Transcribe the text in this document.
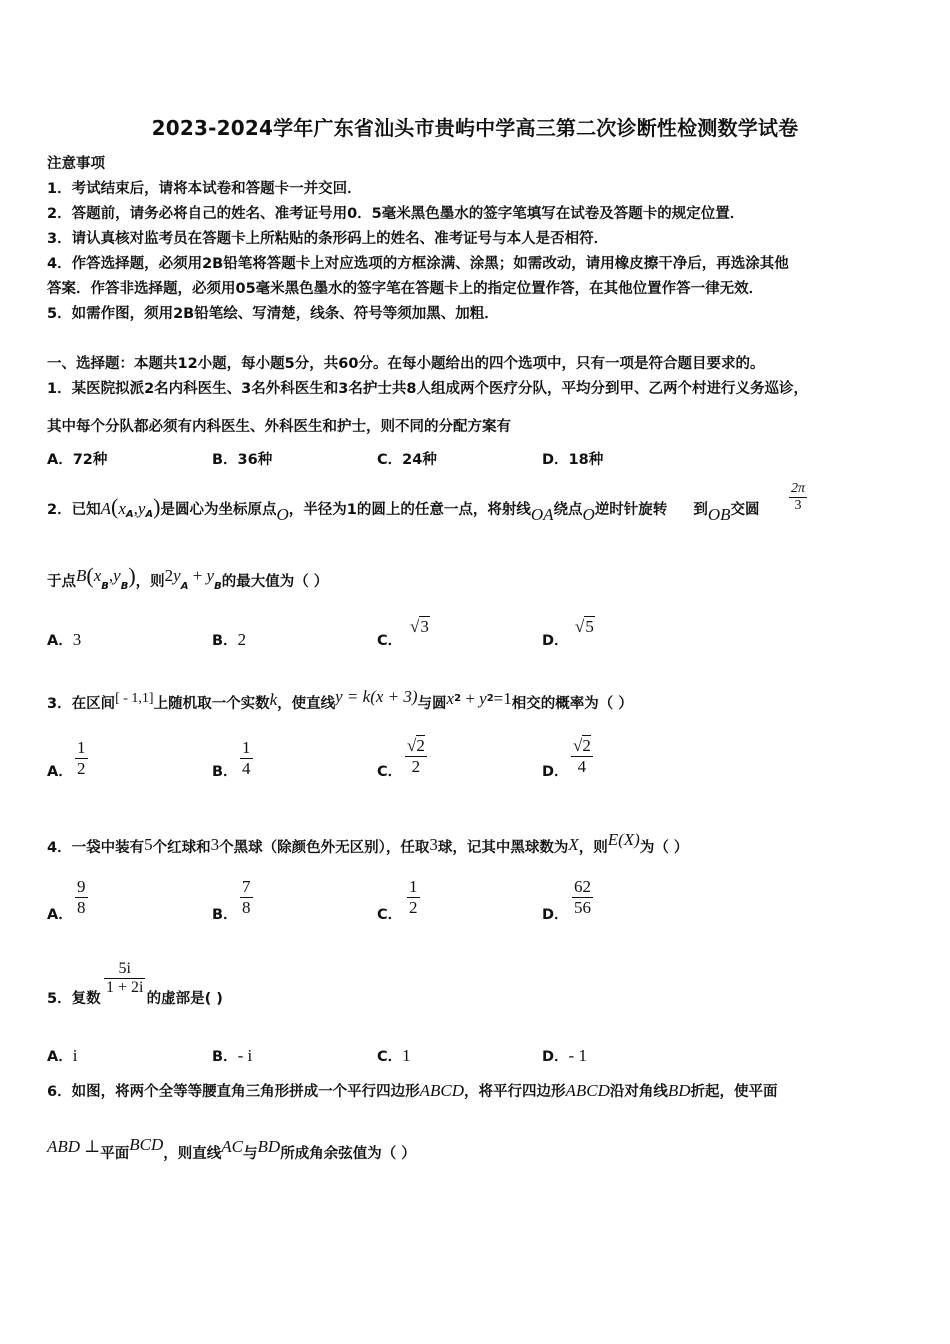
2023-2024学年广东省汕头市贵屿中学高三第二次诊断性检测数学试卷
注意事项
1．考试结束后，请将本试卷和答题卡一并交回．
2．答题前，请务必将自己的姓名、准考证号用0．5毫米黑色墨水的签字笔填写在试卷及答题卡的规定位置．
3．请认真核对监考员在答题卡上所粘贴的条形码上的姓名、准考证号与本人是否相符．
4．作答选择题，必须用2B铅笔将答题卡上对应选项的方框涂满、涂黑；如需改动，请用橡皮擦干净后，再选涂其他
答案．作答非选择题，必须用05毫米黑色墨水的签字笔在答题卡上的指定位置作答，在其他位置作答一律无效．
5．如需作图，须用2B铅笔绘、写清楚，线条、符号等须加黑、加粗．
一、选择题：本题共12小题，每小题5分，共60分。在每小题给出的四个选项中，只有一项是符合题目要求的。
1．某医院拟派2名内科医生、3名外科医生和3名护士共8人组成两个医疗分队，平均分到甲、乙两个村进行义务巡诊，
其中每个分队都必须有内科医生、外科医生和护士，则不同的分配方案有
A．72种	B．36种	C．24种	D．18种
2．已知$A(x_A,y_A)$是圆心为坐标原点O，半径为1的圆上的任意一点，将射线OA绕点O逆时针旋转 到OB交圆
2π
3
于点$B(x_B,y_B)$，则$2y_A + y_B$的最大值为（ ）
A．3	B．2	C．
√3
D．
√5
3．在区间[ - 1,1]上随机取一个实数k，使直线y = k(x + 3)与圆$x^2 + y^2=1$相交的概率为（ ）
A．
1
2	B．
1
4	C．
√2
2	D．
√2
4
4．一袋中装有5个红球和3个黑球（除颜色外无区别），任取3球，记其中黑球数为X，则E(X)为（ ）
A．
9
8	B．
7
8	C．
1
2	D．
62
56
5．复数	的虚部是( )
5i
1 + 2i
A．i	B．- i	C．1	D．- 1
6．如图，将两个全等等腰直角三角形拼成一个平行四边形ABCD，将平行四边形ABCD沿对角线BD折起，使平面
ABD ⊥平面BCD，则直线AC与BD所成角余弦值为（ ）
